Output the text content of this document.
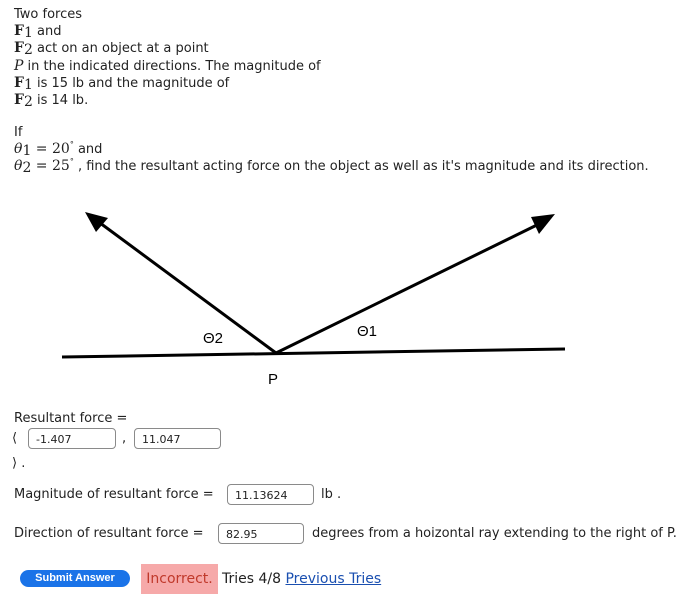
Two forces
$F_1$ and
$F_2$ act on an object at a point
P in the indicated directions. The magnitude of
$F_1$ is 15 lb and the magnitude of
$F_2$ is 14 lb.
If
$\theta_1 = 20^\circ$ and
$\theta_2 = 25^\circ$ , find the resultant acting force on the object as well as it's magnitude and its direction.
Θ2	Θ1
P
Resultant force =
⟨	-1.407	,	11.047
⟩ .
Magnitude of resultant force =	11.13624	lb .
Direction of resultant force =	82.95	degrees from a hoizontal ray extending to the right of P.
Submit Answer	Incorrect. Tries 4/8 Previous Tries
